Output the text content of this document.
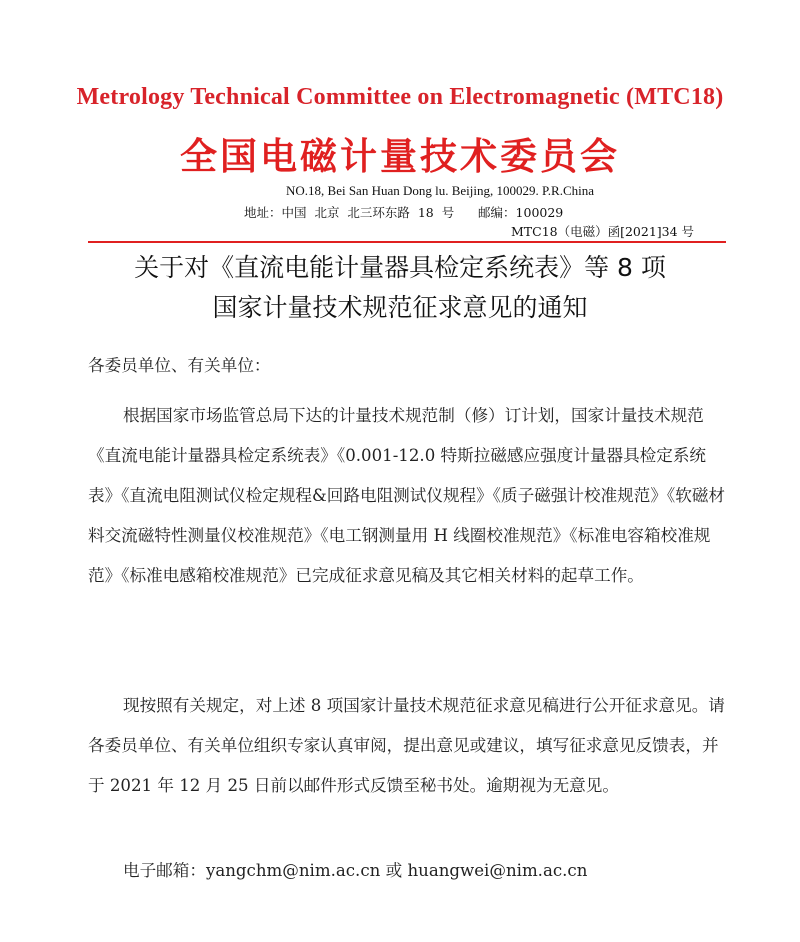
Metrology Technical Committee on Electromagnetic (MTC18)
全国电磁计量技术委员会
NO.18, Bei San Huan Dong lu. Beijing, 100029. P.R.China
地址：中国  北京  北三环东路  18  号      邮编：100029
MTC18（电磁）函[2021]34 号
关于对《直流电能计量器具检定系统表》等 8 项
国家计量技术规范征求意见的通知
各委员单位、有关单位：

根据国家市场监管总局下达的计量技术规范制（修）订计划，国家计量技术规范《直流电能计量器具检定系统表》《0.001-12.0 特斯拉磁感应强度计量器具检定系统表》《直流电阻测试仪检定规程&回路电阻测试仪规程》《质子磁强计校准规范》《软磁材料交流磁特性测量仪校准规范》《电工钢测量用 H 线圈校准规范》《标准电容箱校准规范》《标准电感箱校准规范》已完成征求意见稿及其它相关材料的起草工作。

现按照有关规定，对上述 8 项国家计量技术规范征求意见稿进行公开征求意见。请各委员单位、有关单位组织专家认真审阅，提出意见或建议，填写征求意见反馈表，并于 2021 年 12 月 25 日前以邮件形式反馈至秘书处。逾期视为无意见。

电子邮箱：yangchm@nim.ac.cn 或 huangwei@nim.ac.cn
